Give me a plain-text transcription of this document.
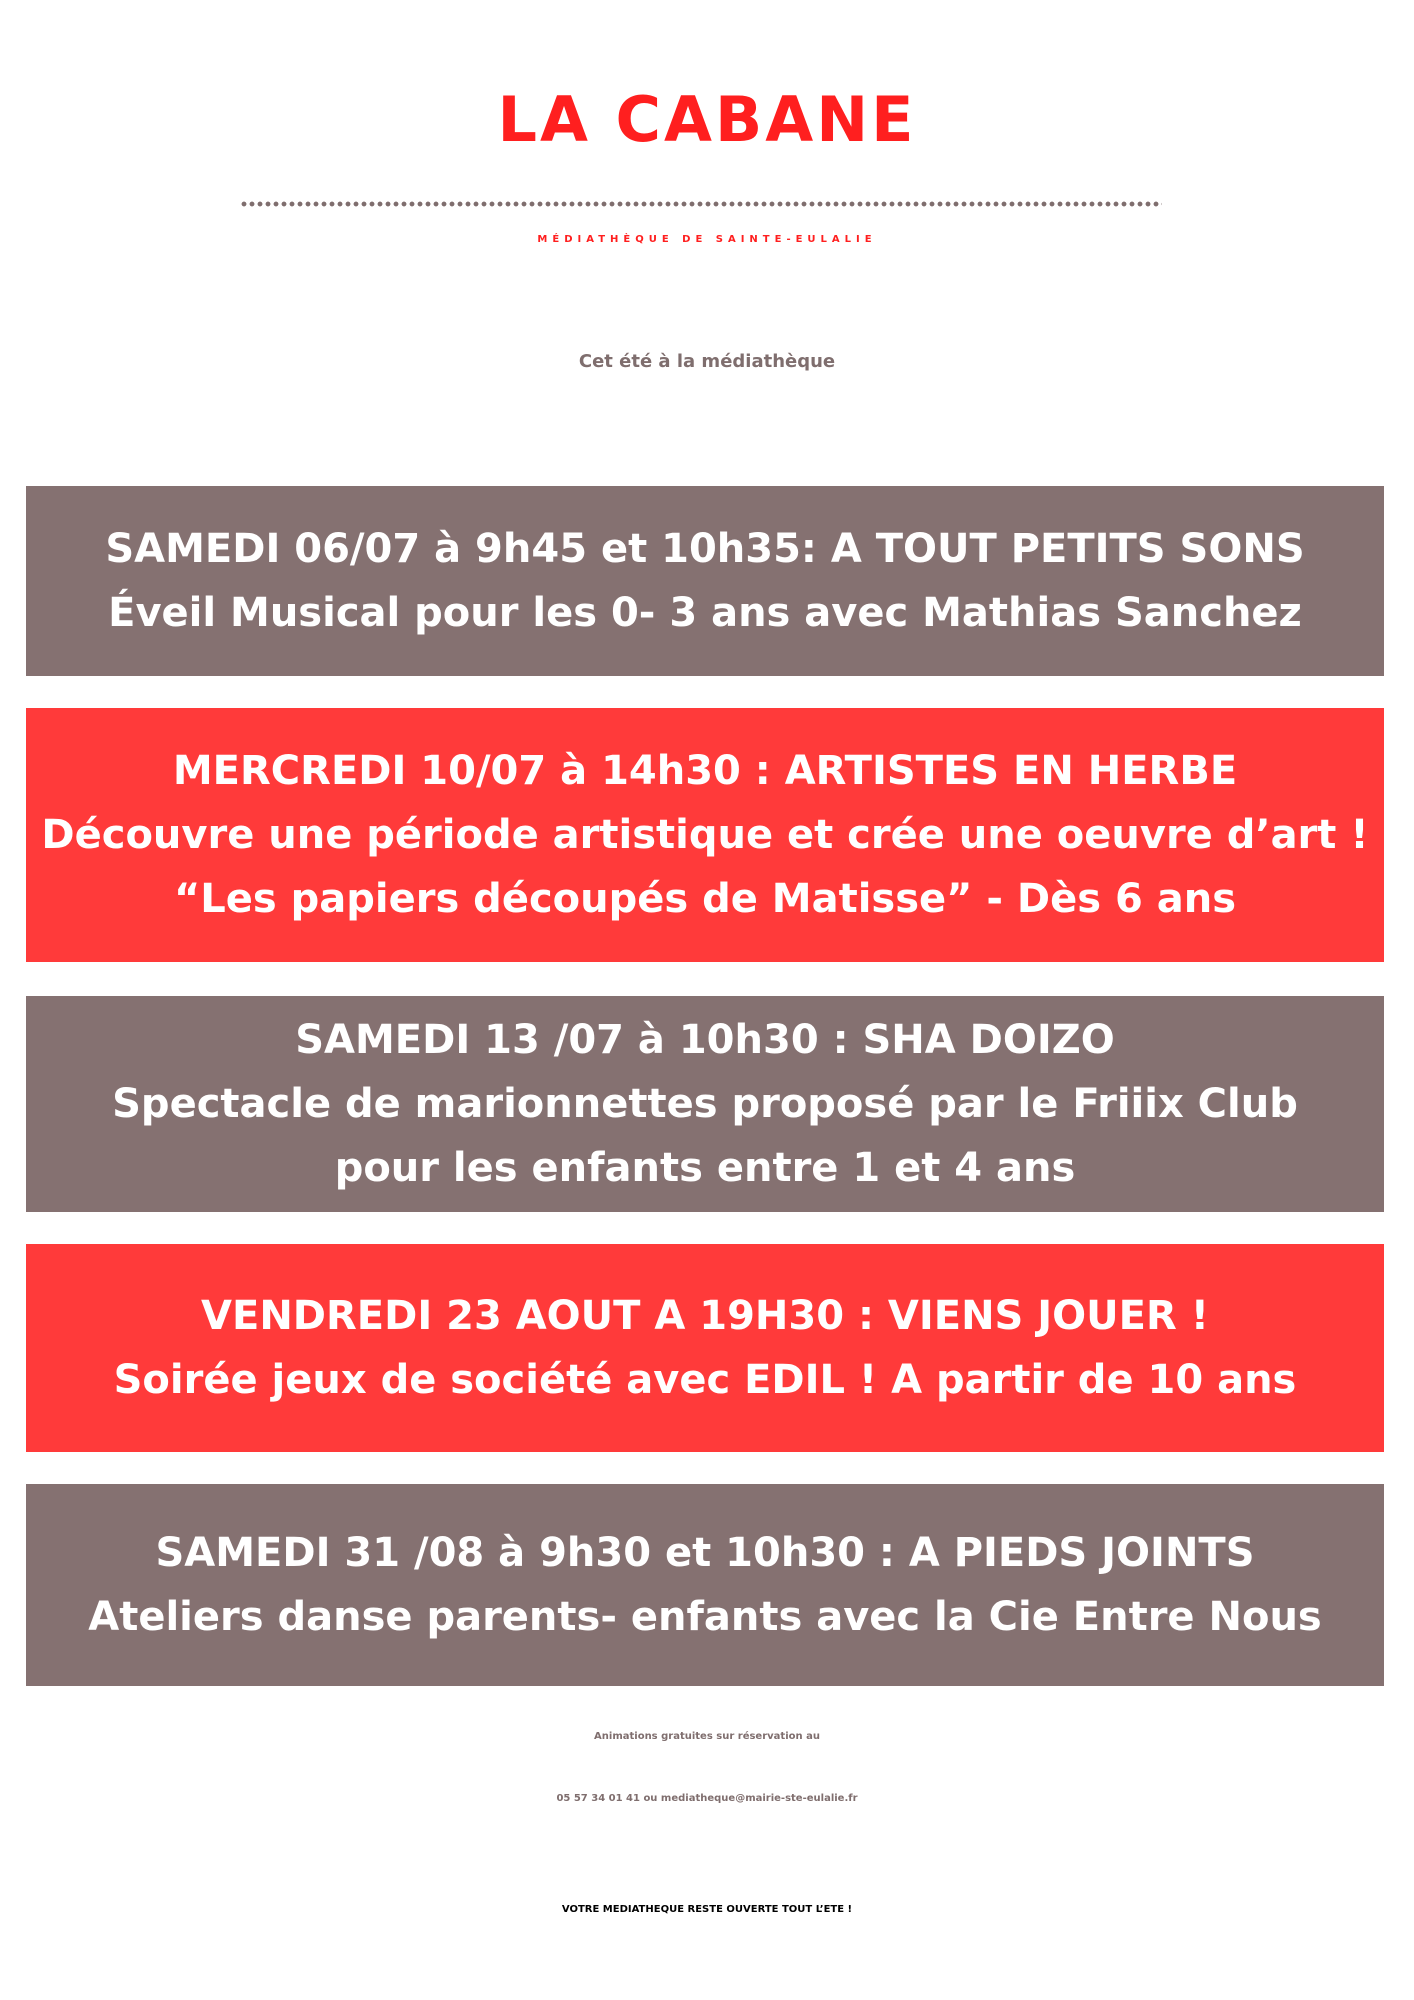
LA CABANE
MÉDIATHÈQUE DE SAINTE-EULALIE
Cet été à la médiathèque
SAMEDI 06/07 à 9h45 et 10h35: A TOUT PETITS SONS
Éveil Musical pour les 0- 3 ans avec Mathias Sanchez
MERCREDI 10/07 à 14h30 : ARTISTES EN HERBE
Découvre une période artistique et crée une oeuvre d’art !
“Les papiers découpés de Matisse” - Dès 6 ans
SAMEDI 13 /07 à 10h30 : SHA DOIZO
Spectacle de marionnettes proposé par le Friiix Club
pour les enfants entre 1 et 4 ans
VENDREDI 23 AOUT A 19H30 : VIENS JOUER !
Soirée jeux de société avec EDIL ! A partir de 10 ans
SAMEDI 31 /08 à 9h30 et 10h30 : A PIEDS JOINTS
Ateliers danse parents- enfants avec la Cie Entre Nous
Animations gratuites sur réservation au
05 57 34 01 41 ou mediatheque@mairie-ste-eulalie.fr
VOTRE MEDIATHEQUE RESTE OUVERTE TOUT L’ETE !
